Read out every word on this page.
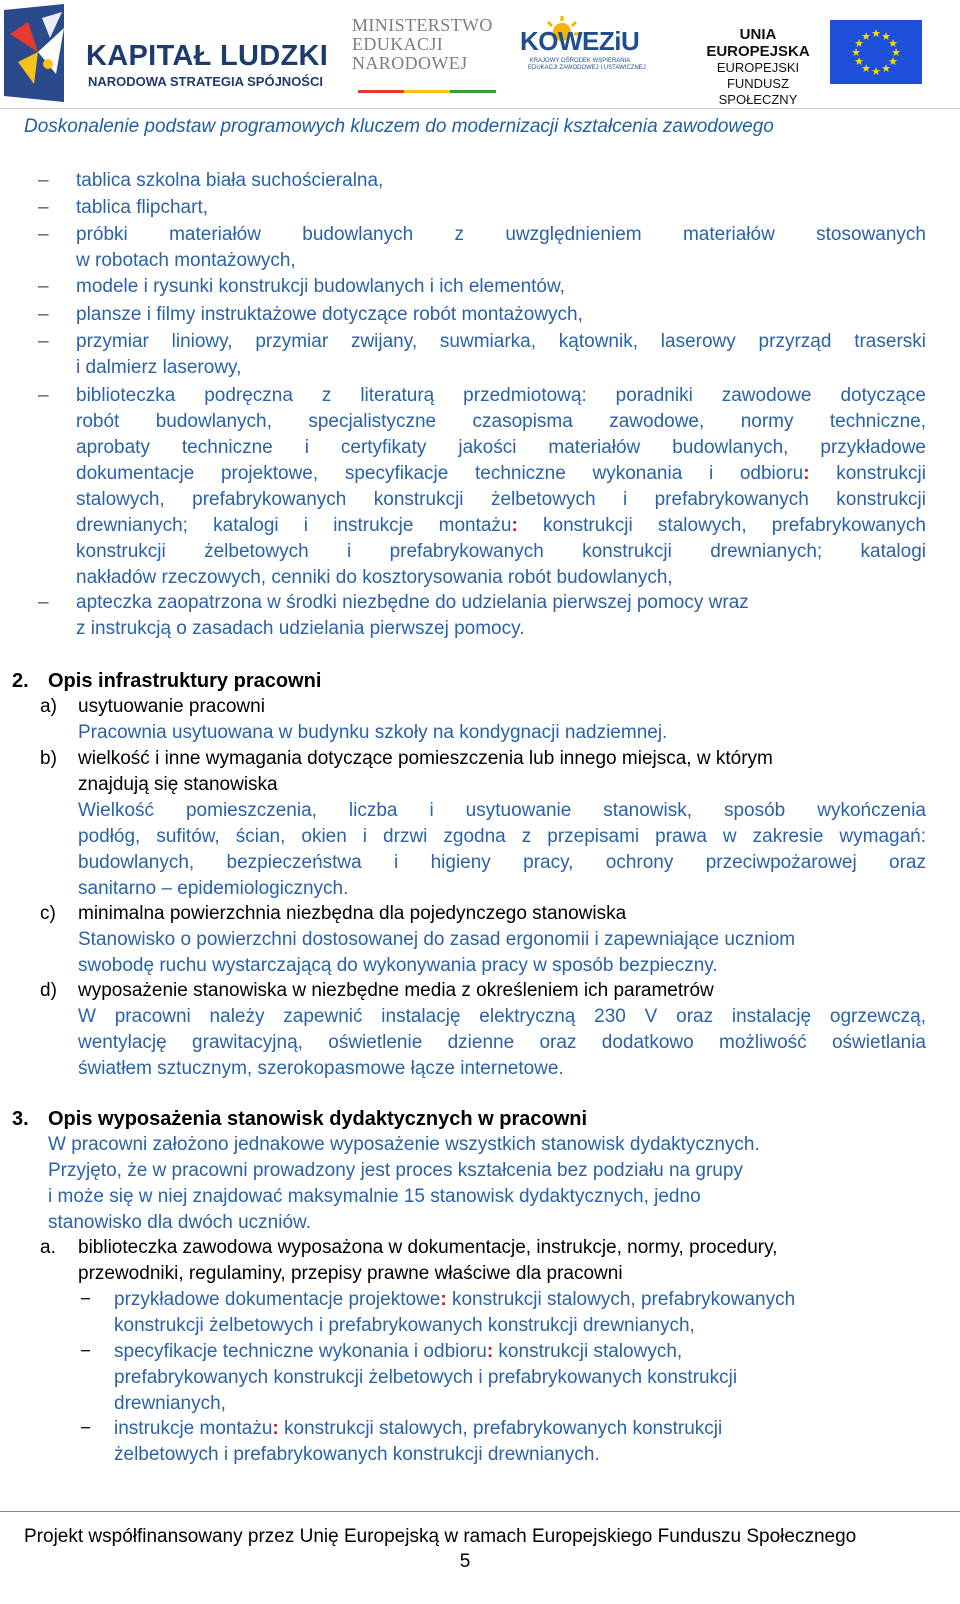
KAPITAŁ LUDZKI
NARODOWA STRATEGIA SPÓJNOŚCI
MINISTERSTWO
EDUKACJI
NARODOWEJ
KOWEZiU
KRAJOWY OŚRODEK WSPIERANIA
EDUKACJI ZAWODOWEJ I USTAWICZNEJ
UNIA EUROPEJSKA
EUROPEJSKI
FUNDUSZ SPOŁECZNY
★ ★
★
★
★
★
★
★
★
★
★
★
Doskonalenie podstaw programowych kluczem do modernizacji kształcenia zawodowego
– tablica szkolna biała suchościeralna,
– tablica flipchart,
– próbki materiałów budowlanych z uwzględnieniem materiałów stosowanych
w robotach montażowych,
– modele i rysunki konstrukcji budowlanych i ich elementów,
– plansze i filmy instruktażowe dotyczące robót montażowych,
– przymiar liniowy, przymiar zwijany, suwmiarka, kątownik, laserowy przyrząd traserski
i dalmierz laserowy,
– biblioteczka podręczna z literaturą przedmiotową: poradniki zawodowe dotyczące
robót budowlanych, specjalistyczne czasopisma zawodowe, normy techniczne,
aprobaty techniczne i certyfikaty jakości materiałów budowlanych, przykładowe
dokumentacje projektowe, specyfikacje techniczne wykonania i odbioru: konstrukcji
stalowych, prefabrykowanych konstrukcji żelbetowych i prefabrykowanych konstrukcji
drewnianych; katalogi i instrukcje montażu: konstrukcji stalowych, prefabrykowanych
konstrukcji żelbetowych i prefabrykowanych konstrukcji drewnianych; katalogi
nakładów rzeczowych, cenniki do kosztorysowania robót budowlanych,
– apteczka zaopatrzona w środki niezbędne do udzielania pierwszej pomocy wraz
z instrukcją o zasadach udzielania pierwszej pomocy.
2. Opis infrastruktury pracowni
a) usytuowanie pracowni
Pracownia usytuowana w budynku szkoły na kondygnacji nadziemnej.
b) wielkość i inne wymagania dotyczące pomieszczenia lub innego miejsca, w którym
znajdują się stanowiska
Wielkość pomieszczenia, liczba i usytuowanie stanowisk, sposób wykończenia
podłóg, sufitów, ścian, okien i drzwi zgodna z przepisami prawa w zakresie wymagań:
budowlanych, bezpieczeństwa i higieny pracy, ochrony przeciwpożarowej oraz
sanitarno – epidemiologicznych.
c) minimalna powierzchnia niezbędna dla pojedynczego stanowiska
Stanowisko o powierzchni dostosowanej do zasad ergonomii i zapewniające uczniom
swobodę ruchu wystarczającą do wykonywania pracy w sposób bezpieczny.
d) wyposażenie stanowiska w niezbędne media z określeniem ich parametrów
W pracowni należy zapewnić instalację elektryczną 230 V oraz instalację ogrzewczą,
wentylację grawitacyjną, oświetlenie dzienne oraz dodatkowo możliwość oświetlania
światłem sztucznym, szerokopasmowe łącze internetowe.
3. Opis wyposażenia stanowisk dydaktycznych w pracowni
W pracowni założono jednakowe wyposażenie wszystkich stanowisk dydaktycznych.
Przyjęto, że w pracowni prowadzony jest proces kształcenia bez podziału na grupy
i może się w niej znajdować maksymalnie 15 stanowisk dydaktycznych, jedno
stanowisko dla dwóch uczniów.
a. biblioteczka zawodowa wyposażona w dokumentacje, instrukcje, normy, procedury,
przewodniki, regulaminy, przepisy prawne właściwe dla pracowni
− przykładowe dokumentacje projektowe: konstrukcji stalowych, prefabrykowanych
konstrukcji żelbetowych i prefabrykowanych konstrukcji drewnianych,
− specyfikacje techniczne wykonania i odbioru: konstrukcji stalowych,
prefabrykowanych konstrukcji żelbetowych i prefabrykowanych konstrukcji
drewnianych,
− instrukcje montażu: konstrukcji stalowych, prefabrykowanych konstrukcji
żelbetowych i prefabrykowanych konstrukcji drewnianych.
Projekt współfinansowany przez Unię Europejską w ramach Europejskiego Funduszu Społecznego
5
